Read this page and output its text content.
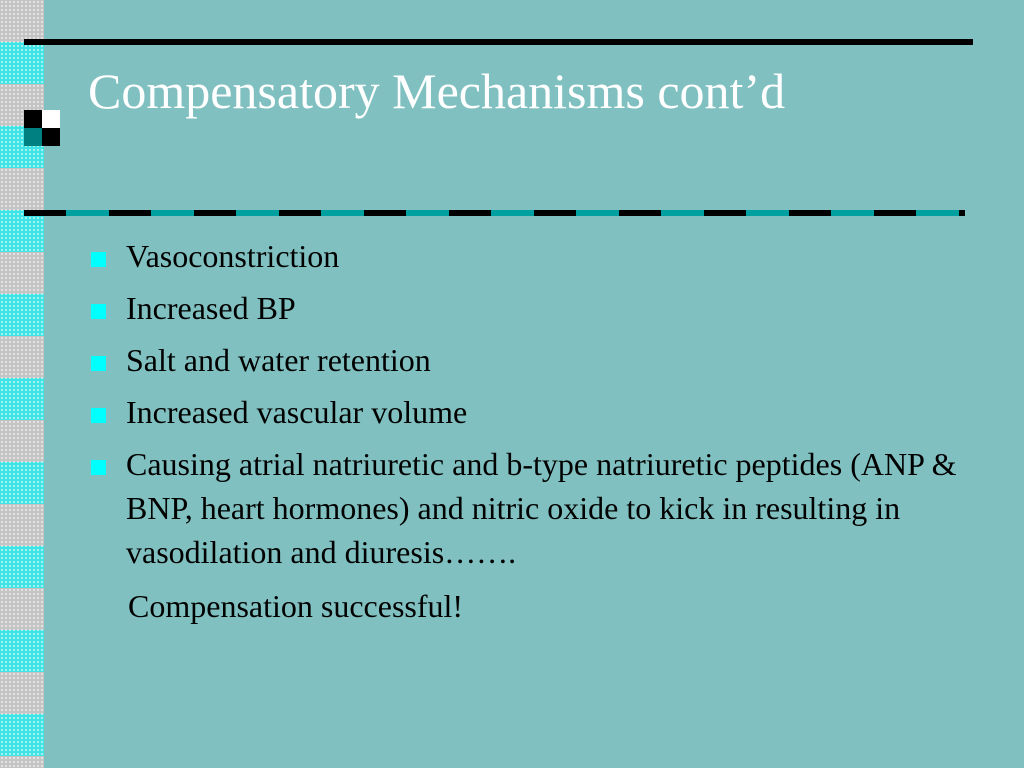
Compensatory Mechanisms cont’d
Vasoconstriction
Increased BP
Salt and water retention
Increased vascular volume
Causing atrial natriuretic and b-type natriuretic peptides (ANP & BNP, heart hormones) and nitric oxide to kick in resulting in vasodilation and diuresis…….
Compensation successful!
